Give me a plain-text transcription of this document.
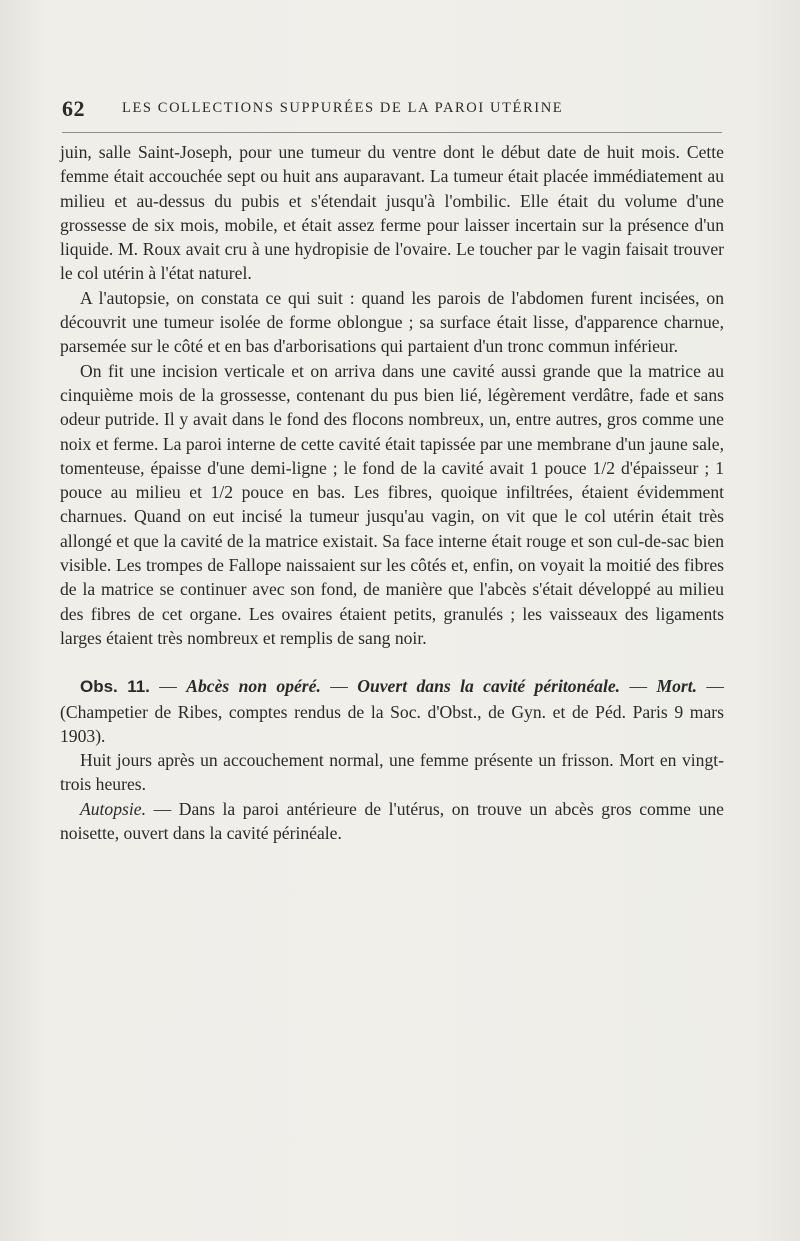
62	LES COLLECTIONS SUPPURÉES DE LA PAROI UTÉRINE

juin, salle Saint-Joseph, pour une tumeur du ventre dont le début date de huit mois. Cette femme était accouchée sept ou huit ans auparavant. La tumeur était placée immédiatement au milieu et au-dessus du pubis et s'étendait jusqu'à l'ombilic. Elle était du volume d'une grossesse de six mois, mobile, et était assez ferme pour laisser incertain sur la présence d'un liquide. M. Roux avait cru à une hydropisie de l'ovaire. Le toucher par le vagin faisait trouver le col utérin à l'état naturel.

A l'autopsie, on constata ce qui suit : quand les parois de l'abdomen furent incisées, on découvrit une tumeur isolée de forme oblongue ; sa surface était lisse, d'apparence charnue, parsemée sur le côté et en bas d'arborisations qui partaient d'un tronc commun inférieur.

On fit une incision verticale et on arriva dans une cavité aussi grande que la matrice au cinquième mois de la grossesse, contenant du pus bien lié, légèrement verdâtre, fade et sans odeur putride. Il y avait dans le fond des flocons nombreux, un, entre autres, gros comme une noix et ferme. La paroi interne de cette cavité était tapissée par une membrane d'un jaune sale, tomenteuse, épaisse d'une demi-ligne ; le fond de la cavité avait 1 pouce 1/2 d'épaisseur ; 1 pouce au milieu et 1/2 pouce en bas. Les fibres, quoique infiltrées, étaient évidemment charnues. Quand on eut incisé la tumeur jusqu'au vagin, on vit que le col utérin était très allongé et que la cavité de la matrice existait. Sa face interne était rouge et son cul-de-sac bien visible. Les trompes de Fallope naissaient sur les côtés et, enfin, on voyait la moitié des fibres de la matrice se continuer avec son fond, de manière que l'abcès s'était développé au milieu des fibres de cet organe. Les ovaires étaient petits, granulés ; les vaisseaux des ligaments larges étaient très nombreux et remplis de sang noir.

Obs. 11. — Abcès non opéré. — Ouvert dans la cavité péritonéale. — Mort. — (Champetier de Ribes, comptes rendus de la Soc. d'Obst., de Gyn. et de Péd. Paris 9 mars 1903).

Huit jours après un accouchement normal, une femme présente un frisson. Mort en vingt-trois heures.

Autopsie. — Dans la paroi antérieure de l'utérus, on trouve un abcès gros comme une noisette, ouvert dans la cavité périnéale.
